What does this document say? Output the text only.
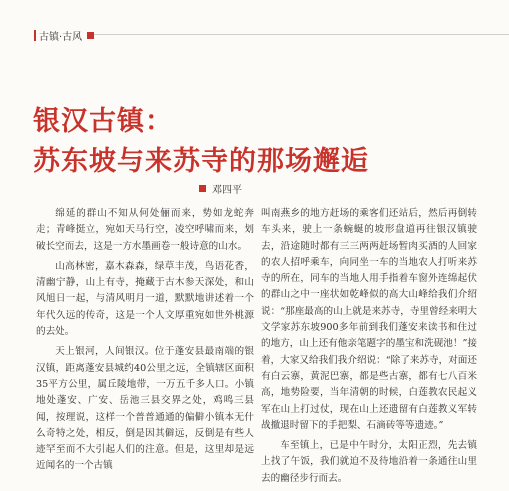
古镇·古风
银汉古镇：
苏东坡与来苏寺的那场邂逅
邓四平

绵延的群山不知从何处俪而来，势如龙蛇奔走；青峰挺立，宛如天马行空，凌空呼啸而来，划破长空而去，这是一方水墨画卷一般诗意的山水。

山高林密，嘉木森森，绿草丰茂，鸟语花香，清幽宁静，山上有寺，掩藏于古木参天深处，和山风旭日一起，与清风明月一道，默默地讲述着一个年代久远的传奇，这是一个人文厚重宛如世外桃源的去处。

天上银河，人间银汉。位于蓬安县最南端的银汉镇，距离蓬安县城约40公里之远，全镇辖区面积35平方公里，属丘陵地带，一万五千多人口。小镇地处蓬安、广安、岳池三县交界之处，鸡鸣三县闻，按理说，这样一个普普通通的偏僻小镇本无什么奇特之处，相反，倒是因其僻远，反倒是有些人迹罕至而不大引起人们的注意。但是，这里却是远近闻名的一个古镇

叫南燕乡的地方赶场的乘客们还站后，然后再倒转车头来，驶上一条蜿蜒的坡形盘道再往银汉镇驶去，沿途随时都有三三两两赶场暂肉买酒的人回家的农人招呼乘车，向同坐一车的当地农人打听来苏寺的所在，同车的当地人用手指着车窗外连绵起伏的群山之中一座状如乾峰似的高大山峰给我们介绍说：“那座最高的山上就是来苏寺，寺里曾经来明大文学家苏东坡900多年前到我们蓬安来读书和住过的地方，山上还有他亲笔题字的墨宝和洗砚池！”接着，大家又给我们我介绍说：“除了来苏寺，对面还有白云寨，黄泥巴寨，都是些古寨，都有七八百米高，地势险要，当年清朝的时候，白莲教农民起义军在山上打过仗，现在山上还遗留有白莲教义军转战撤退时留下的手把梨、石滴砖等等遗迹。”

车至镇上，已是中午时分，太阳正烈，先去镇上找了午饭，我们就迫不及待地沿着一条通往山里去的幽径步行而去。
